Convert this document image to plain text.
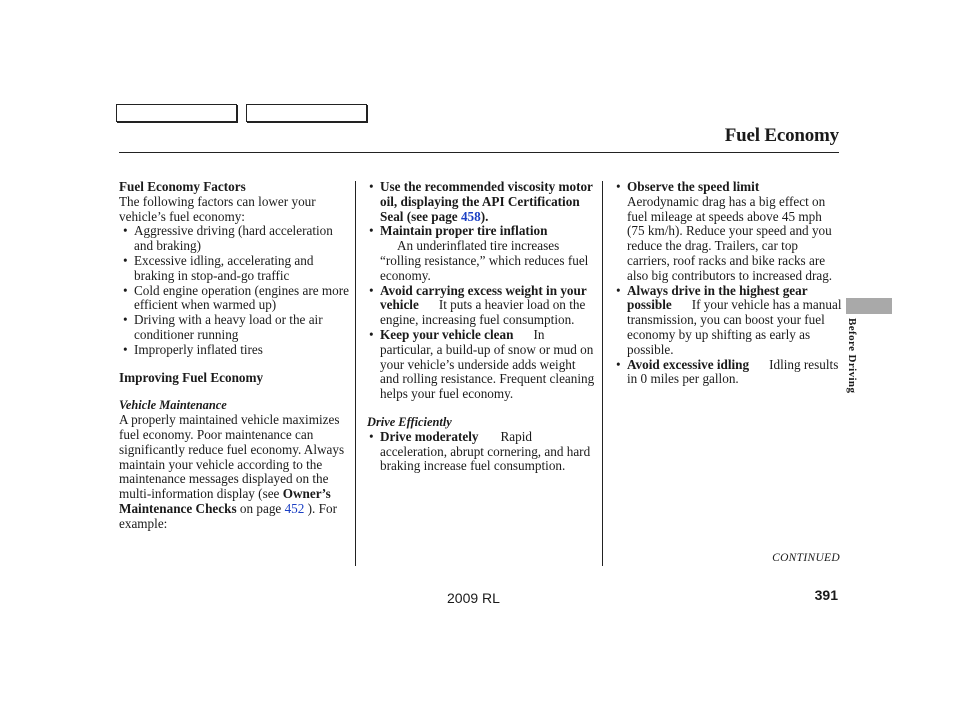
Fuel Economy
Fuel Economy Factors
The following factors can lower your vehicle’s fuel economy:
• Aggressive driving (hard acceleration and braking)
• Excessive idling, accelerating and braking in stop-and-go traffic
• Cold engine operation (engines are more efficient when warmed up)
• Driving with a heavy load or the air conditioner running
• Improperly inflated tires
Improving Fuel Economy
Vehicle Maintenance
A properly maintained vehicle maximizes fuel economy. Poor maintenance can significantly reduce fuel economy. Always maintain your vehicle according to the maintenance messages displayed on the multi-information display (see Owner’s Maintenance Checks on page 452 ). For example:
• Use the recommended viscosity motor oil, displaying the API Certification Seal (see page 458).
• Maintain proper tire inflation
An underinflated tire increases “rolling resistance,” which reduces fuel economy.
• Avoid carrying excess weight in your vehicle It puts a heavier load on the engine, increasing fuel consumption.
• Keep your vehicle clean In particular, a build-up of snow or mud on your vehicle’s underside adds weight and rolling resistance. Frequent cleaning helps your fuel economy.
Drive Efficiently
• Drive moderately Rapid acceleration, abrupt cornering, and hard braking increase fuel consumption.
• Observe the speed limit
Aerodynamic drag has a big effect on fuel mileage at speeds above 45 mph (75 km/h). Reduce your speed and you reduce the drag. Trailers, car top carriers, roof racks and bike racks are also big contributors to increased drag.
• Always drive in the highest gear possible If your vehicle has a manual transmission, you can boost your fuel economy by up shifting as early as possible.
• Avoid excessive idling Idling results in 0 miles per gallon.
CONTINUED
Before Driving
2009 RL	391
